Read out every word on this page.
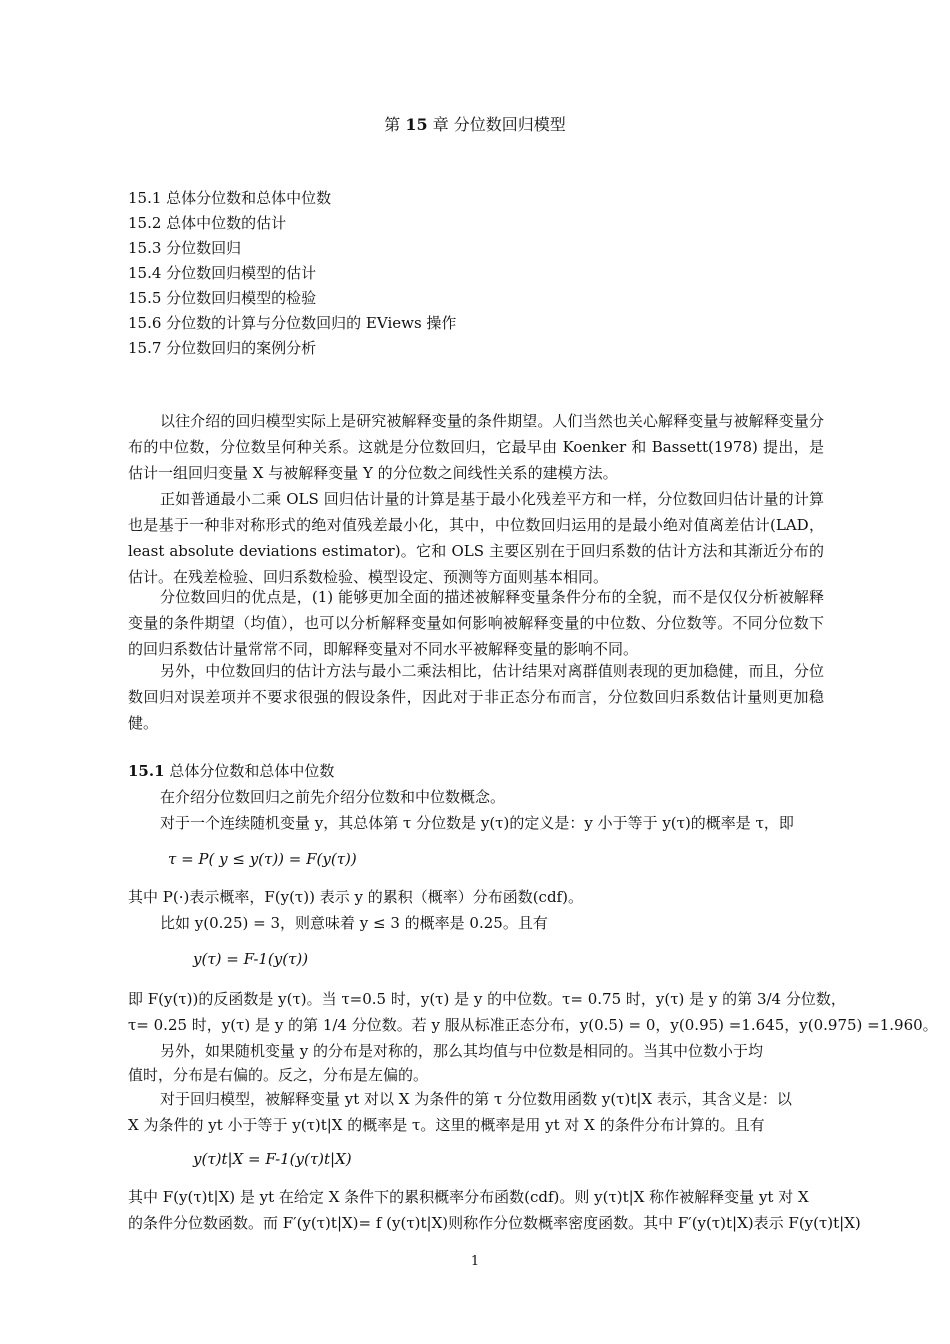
第 15 章 分位数回归模型
15.1 总体分位数和总体中位数
15.2 总体中位数的估计
15.3 分位数回归
15.4 分位数回归模型的估计
15.5 分位数回归模型的检验
15.6 分位数的计算与分位数回归的 EViews 操作
15.7 分位数回归的案例分析
以往介绍的回归模型实际上是研究被解释变量的条件期望。人们当然也关心解释变量与被解释变量分布的中位数，分位数呈何种关系。这就是分位数回归，它最早由 Koenker 和 Bassett(1978) 提出，是估计一组回归变量 X 与被解释变量 Y 的分位数之间线性关系的建模方法。
正如普通最小二乘 OLS 回归估计量的计算是基于最小化残差平方和一样，分位数回归估计量的计算也是基于一种非对称形式的绝对值残差最小化，其中，中位数回归运用的是最小绝对值离差估计(LAD，least absolute deviations estimator)。它和 OLS 主要区别在于回归系数的估计方法和其渐近分布的估计。在残差检验、回归系数检验、模型设定、预测等方面则基本相同。
分位数回归的优点是，(1) 能够更加全面的描述被解释变量条件分布的全貌，而不是仅仅分析被解释变量的条件期望（均值），也可以分析解释变量如何影响被解释变量的中位数、分位数等。不同分位数下的回归系数估计量常常不同，即解释变量对不同水平被解释变量的影响不同。
另外，中位数回归的估计方法与最小二乘法相比，估计结果对离群值则表现的更加稳健，而且，分位数回归对误差项并不要求很强的假设条件，因此对于非正态分布而言，分位数回归系数估计量则更加稳健。
15.1 总体分位数和总体中位数
在介绍分位数回归之前先介绍分位数和中位数概念。
对于一个连续随机变量 y，其总体第 τ 分位数是 y(τ)的定义是：y 小于等于 y(τ)的概率是 τ，即
τ = P( y ≤ y(τ)) = F(y(τ))
其中 P(·)表示概率，F(y(τ)) 表示 y 的累积（概率）分布函数(cdf)。
比如 y(0.25) = 3，则意味着 y ≤ 3 的概率是 0.25。且有
y(τ) = F-1(y(τ))
即 F(y(τ))的反函数是 y(τ)。当 τ=0.5 时，y(τ) 是 y 的中位数。τ= 0.75 时，y(τ) 是 y 的第 3/4 分位数，
τ= 0.25 时，y(τ) 是 y 的第 1/4 分位数。若 y 服从标准正态分布，y(0.5) = 0，y(0.95) =1.645，y(0.975) =1.960。
另外，如果随机变量 y 的分布是对称的，那么其均值与中位数是相同的。当其中位数小于均
值时，分布是右偏的。反之，分布是左偏的。
对于回归模型，被解释变量 yt 对以 X 为条件的第 τ 分位数用函数 y(τ)t|X 表示，其含义是：以
X 为条件的 yt 小于等于 y(τ)t|X 的概率是 τ。这里的概率是用 yt 对 X 的条件分布计算的。且有
y(τ)t|X = F-1(y(τ)t|X)
其中 F(y(τ)t|X) 是 yt 在给定 X 条件下的累积概率分布函数(cdf)。则 y(τ)t|X 称作被解释变量 yt 对 X
的条件分位数函数。而 F′(y(τ)t|X)= f (y(τ)t|X)则称作分位数概率密度函数。其中 F′(y(τ)t|X)表示 F(y(τ)t|X)
1
